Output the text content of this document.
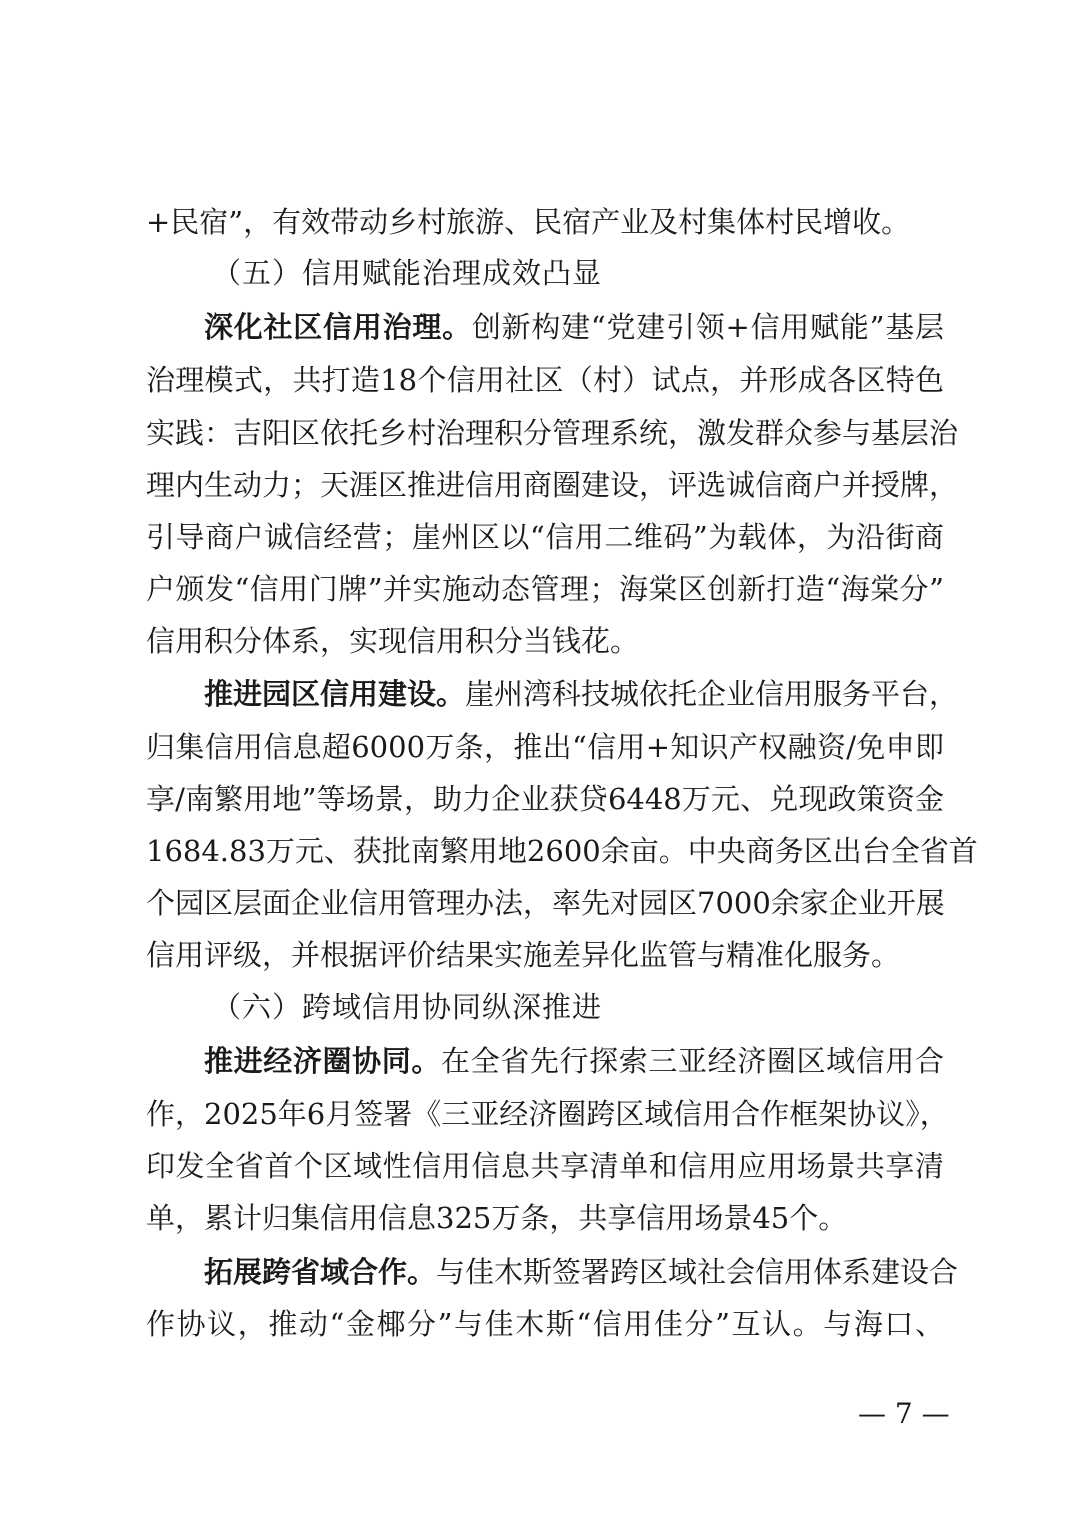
+民宿”，有效带动乡村旅游、民宿产业及村集体村民增收。
（五）信用赋能治理成效凸显
深化社区信用治理。创新构建“党建引领+信用赋能”基层
治理模式，共打造18个信用社区（村）试点，并形成各区特色
实践：吉阳区依托乡村治理积分管理系统，激发群众参与基层治
理内生动力；天涯区推进信用商圈建设，评选诚信商户并授牌，
引导商户诚信经营；崖州区以“信用二维码”为载体，为沿街商
户颁发“信用门牌”并实施动态管理；海棠区创新打造“海棠分”
信用积分体系，实现信用积分当钱花。
推进园区信用建设。崖州湾科技城依托企业信用服务平台，
归集信用信息超6000万条，推出“信用+知识产权融资/免申即
享/南繁用地”等场景，助力企业获贷6448万元、兑现政策资金
1684.83万元、获批南繁用地2600余亩。中央商务区出台全省首
个园区层面企业信用管理办法，率先对园区7000余家企业开展
信用评级，并根据评价结果实施差异化监管与精准化服务。
（六）跨域信用协同纵深推进
推进经济圈协同。在全省先行探索三亚经济圈区域信用合
作，2025年6月签署《三亚经济圈跨区域信用合作框架协议》，
印发全省首个区域性信用信息共享清单和信用应用场景共享清
单，累计归集信用信息325万条，共享信用场景45个。
拓展跨省域合作。与佳木斯签署跨区域社会信用体系建设合
作协议，推动“金椰分”与佳木斯“信用佳分”互认。与海口、
— 7 —
